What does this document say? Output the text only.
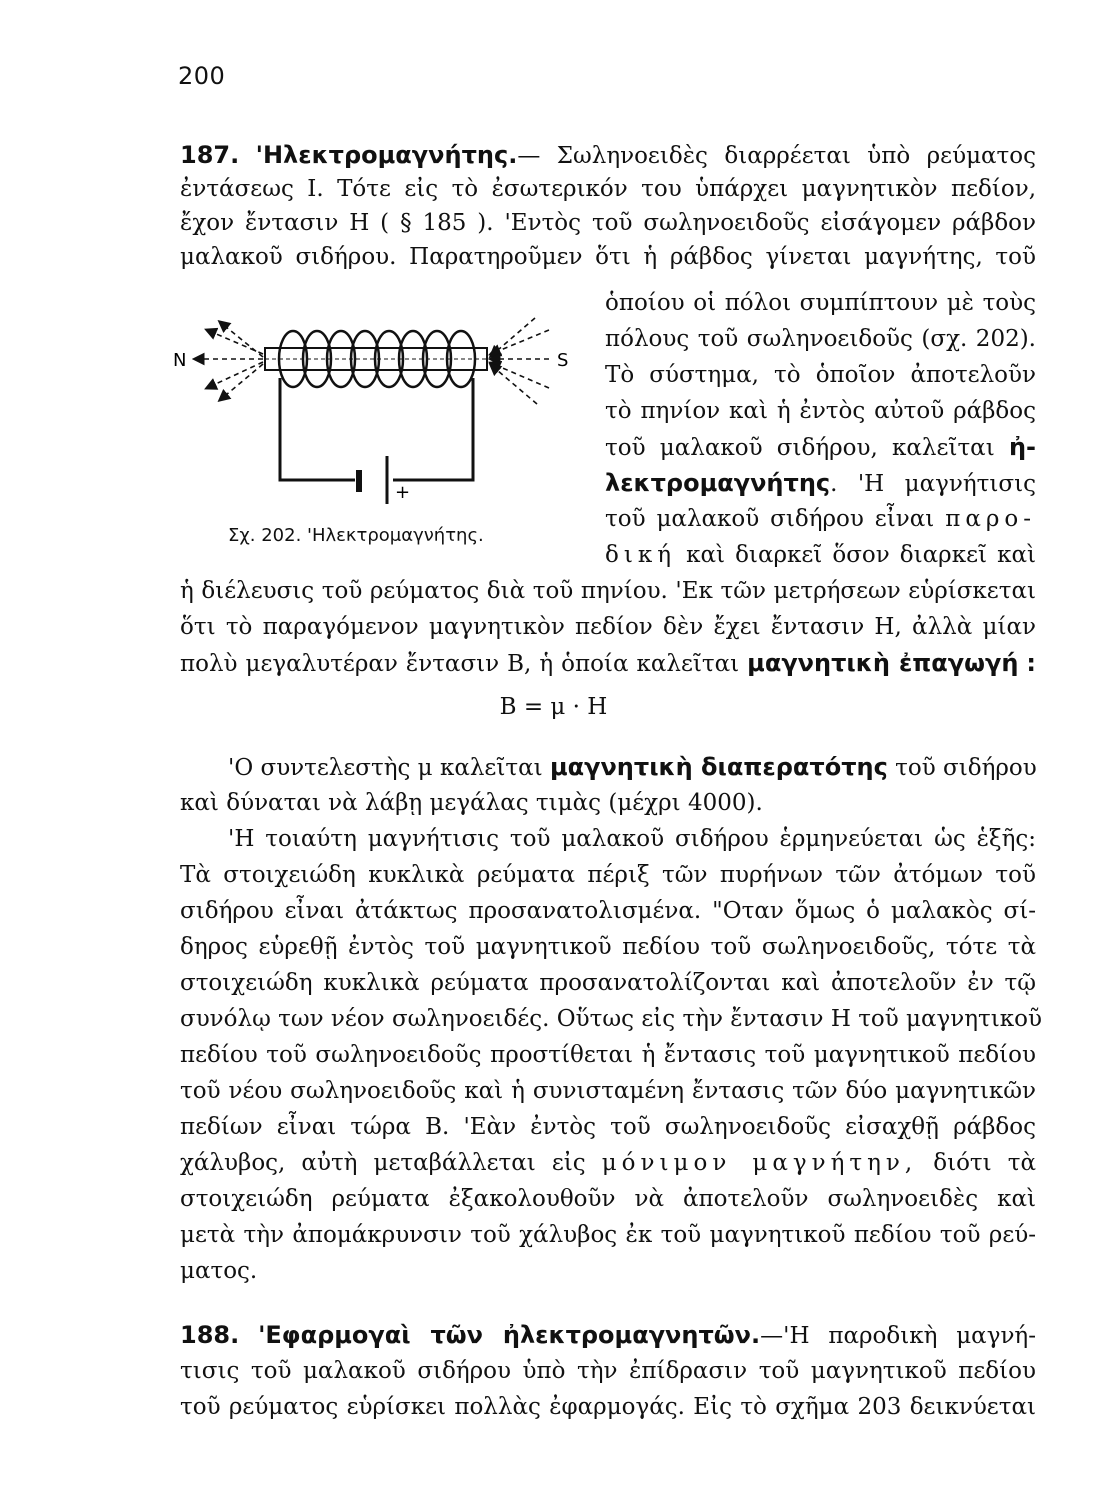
200
187. 'Ηλεκτρομαγνήτης.— Σωληνοειδὲς διαρρέεται ὑπὸ ρεύματος
ἐντάσεως Ι. Τότε εἰς τὸ ἐσωτερικόν του ὑπάρχει μαγνητικὸν πεδίον,
ἔχον ἔντασιν Η ( § 185 ). 'Εντὸς τοῦ σωληνοειδοῦς εἰσάγομεν ράβδον
μαλακοῦ σιδήρου. Παρατηροῦμεν ὅτι ἡ ράβδος γίνεται μαγνήτης, τοῦ
ὁποίου οἱ πόλοι συμπίπτουν μὲ τοὺς
πόλους τοῦ σωληνοειδοῦς (σχ. 202).
Τὸ σύστημα, τὸ ὁποῖον ἀποτελοῦν
τὸ πηνίον καὶ ἡ ἐντὸς αὐτοῦ ράβδος
τοῦ μαλακοῦ σιδήρου, καλεῖται ἠ-
λεκτρομαγνήτης. 'Η μαγνήτισις
τοῦ μαλακοῦ σιδήρου εἶναι παρο-
δική καὶ διαρκεῖ ὅσον διαρκεῖ καὶ
+
N	S
Σχ. 202. 'Ηλεκτρομαγνήτης.
ἡ διέλευσις τοῦ ρεύματος διὰ τοῦ πηνίου. 'Εκ τῶν μετρήσεων εὑρίσκεται
ὅτι τὸ παραγόμενον μαγνητικὸν πεδίον δὲν ἔχει ἔντασιν Η, ἀλλὰ μίαν
πολὺ μεγαλυτέραν ἔντασιν Β, ἡ ὁποία καλεῖται μαγνητικὴ ἐπαγωγή :
Β = μ · Η
'Ο συντελεστὴς μ καλεῖται μαγνητικὴ διαπερατότης τοῦ σιδήρου
καὶ δύναται νὰ λάβῃ μεγάλας τιμὰς (μέχρι 4000).
'Η τοιαύτη μαγνήτισις τοῦ μαλακοῦ σιδήρου ἑρμηνεύεται ὡς ἑξῆς:
Τὰ στοιχειώδη κυκλικὰ ρεύματα πέριξ τῶν πυρήνων τῶν ἀτόμων τοῦ
σιδήρου εἶναι ἀτάκτως προσανατολισμένα. "Οταν ὅμως ὁ μαλακὸς σί-
δηρος εὑρεθῇ ἐντὸς τοῦ μαγνητικοῦ πεδίου τοῦ σωληνοειδοῦς, τότε τὰ
στοιχειώδη κυκλικὰ ρεύματα προσανατολίζονται καὶ ἀποτελοῦν ἐν τῷ
συνόλῳ των νέον σωληνοειδές. Οὕτως εἰς τὴν ἔντασιν Η τοῦ μαγνητικοῦ
πεδίου τοῦ σωληνοειδοῦς προστίθεται ἡ ἔντασις τοῦ μαγνητικοῦ πεδίου
τοῦ νέου σωληνοειδοῦς καὶ ἡ συνισταμένη ἔντασις τῶν δύο μαγνητικῶν
πεδίων εἶναι τώρα Β. 'Εὰν ἐντὸς τοῦ σωληνοειδοῦς εἰσαχθῇ ράβδος
χάλυβος, αὐτὴ μεταβάλλεται εἰς μόνιμον μαγνήτην, διότι τὰ
στοιχειώδη ρεύματα ἐξακολουθοῦν νὰ ἀποτελοῦν σωληνοειδὲς καὶ
μετὰ τὴν ἀπομάκρυνσιν τοῦ χάλυβος ἐκ τοῦ μαγνητικοῦ πεδίου τοῦ ρεύ-
ματος.
188. 'Εφαρμογαὶ τῶν ἠλεκτρομαγνητῶν.—'Η παροδικὴ μαγνή-
τισις τοῦ μαλακοῦ σιδήρου ὑπὸ τὴν ἐπίδρασιν τοῦ μαγνητικοῦ πεδίου
τοῦ ρεύματος εὑρίσκει πολλὰς ἐφαρμογάς. Εἰς τὸ σχῆμα 203 δεικνύεται
